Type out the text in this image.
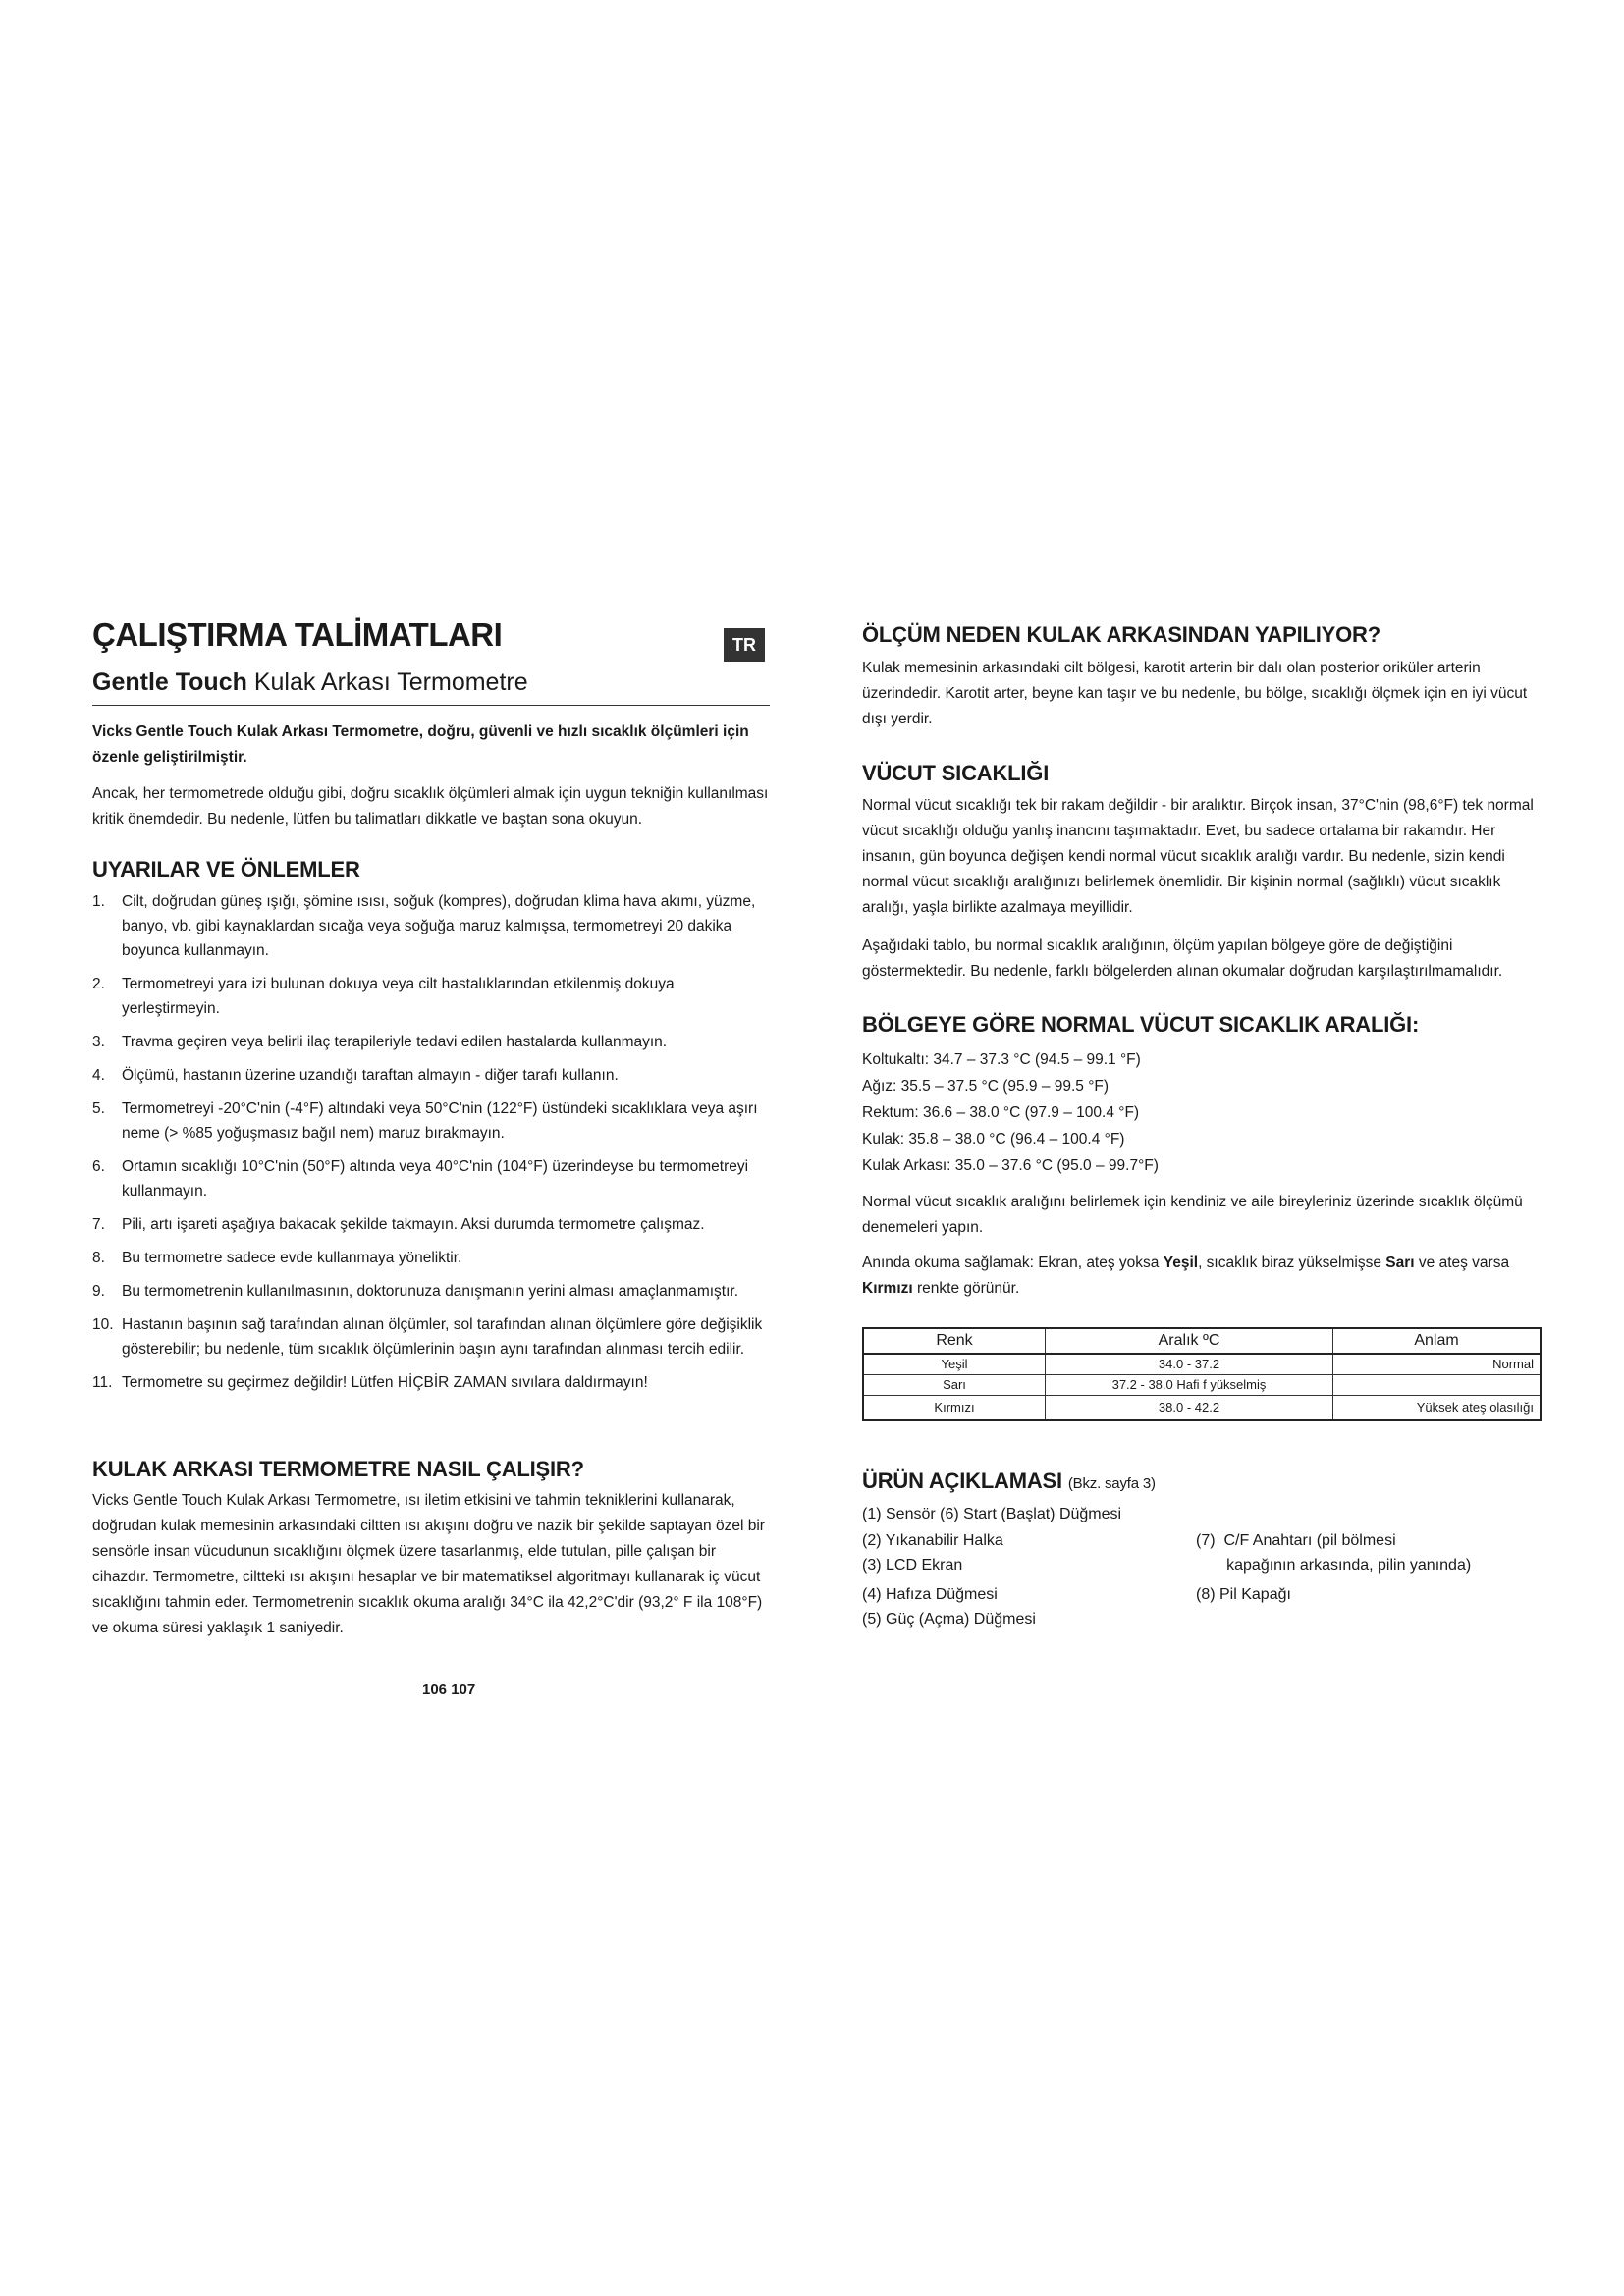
ÇALIŞTIRMA TALİMATLARI	TR
Gentle Touch Kulak Arkası Termometre

Vicks Gentle Touch Kulak Arkası Termometre, doğru, güvenli ve hızlı sıcaklık ölçümleri için özenle geliştirilmiştir.

Ancak, her termometrede olduğu gibi, doğru sıcaklık ölçümleri almak için uygun tekniğin kullanılması kritik önemdedir. Bu nedenle, lütfen bu talimatları dikkatle ve baştan sona okuyun.

UYARILAR VE ÖNLEMLER
1. Cilt, doğrudan güneş ışığı, şömine ısısı, soğuk (kompres), doğrudan klima hava akımı, yüzme, banyo, vb. gibi kaynaklardan sıcağa veya soğuğa maruz kalmışsa, termometreyi 20 dakika boyunca kullanmayın.
2. Termometreyi yara izi bulunan dokuya veya cilt hastalıklarından etkilenmiş dokuya yerleştirmeyin.
3. Travma geçiren veya belirli ilaç terapileriyle tedavi edilen hastalarda kullanmayın.
4. Ölçümü, hastanın üzerine uzandığı taraftan almayın - diğer tarafı kullanın.
5. Termometreyi -20°C'nin (-4°F) altındaki veya 50°C'nin (122°F) üstündeki sıcaklıklara veya aşırı neme (> %85 yoğuşmasız bağıl nem) maruz bırakmayın.
6. Ortamın sıcaklığı 10°C'nin (50°F) altında veya 40°C'nin (104°F) üzerindeyse bu termometreyi kullanmayın.
7. Pili, artı işareti aşağıya bakacak şekilde takmayın. Aksi durumda termometre çalışmaz.
8. Bu termometre sadece evde kullanmaya yöneliktir.
9. Bu termometrenin kullanılmasının, doktorunuza danışmanın yerini alması amaçlanmamıştır.
10. Hastanın başının sağ tarafından alınan ölçümler, sol tarafından alınan ölçümlere göre değişiklik gösterebilir; bu nedenle, tüm sıcaklık ölçümlerinin başın aynı tarafından alınması tercih edilir.
11. Termometre su geçirmez değildir! Lütfen HİÇBİR ZAMAN sıvılara daldırmayın!
KULAK ARKASI TERMOMETRE NASIL ÇALIŞIR?

Vicks Gentle Touch Kulak Arkası Termometre, ısı iletim etkisini ve tahmin tekniklerini kullanarak, doğrudan kulak memesinin arkasındaki ciltten ısı akışını doğru ve nazik bir şekilde saptayan özel bir sensörle insan vücudunun sıcaklığını ölçmek üzere tasarlanmış, elde tutulan, pille çalışan bir cihazdır. Termometre, ciltteki ısı akışını hesaplar ve bir matematiksel algoritmayı kullanarak iç vücut sıcaklığını tahmin eder. Termometrenin sıcaklık okuma aralığı 34°C ila 42,2°C'dir (93,2° F ila 108°F) ve okuma süresi yaklaşık 1 saniyedir.

106 107
ÖLÇÜM NEDEN KULAK ARKASINDAN YAPILIYOR?

Kulak memesinin arkasındaki cilt bölgesi, karotit arterin bir dalı olan posterior oriküler arterin üzerindedir. Karotit arter, beyne kan taşır ve bu nedenle, bu bölge, sıcaklığı ölçmek için en iyi vücut dışı yerdir.

VÜCUT SICAKLIĞI

Normal vücut sıcaklığı tek bir rakam değildir - bir aralıktır. Birçok insan, 37°C'nin (98,6°F) tek normal vücut sıcaklığı olduğu yanlış inancını taşımaktadır. Evet, bu sadece ortalama bir rakamdır. Her insanın, gün boyunca değişen kendi normal vücut sıcaklık aralığı vardır. Bu nedenle, sizin kendi normal vücut sıcaklığı aralığınızı belirlemek önemlidir. Bir kişinin normal (sağlıklı) vücut sıcaklık aralığı, yaşla birlikte azalmaya meyillidir.

Aşağıdaki tablo, bu normal sıcaklık aralığının, ölçüm yapılan bölgeye göre de değiştiğini göstermektedir. Bu nedenle, farklı bölgelerden alınan okumalar doğrudan karşılaştırılmamalıdır.

BÖLGEYE GÖRE NORMAL VÜCUT SICAKLIK ARALIĞI:
Koltukaltı: 34.7 – 37.3 °C (94.5 – 99.1 °F)
Ağız: 35.5 – 37.5 °C (95.9 – 99.5 °F)
Rektum: 36.6 – 38.0 °C (97.9 – 100.4 °F)
Kulak: 35.8 – 38.0 °C (96.4 – 100.4 °F)
Kulak Arkası: 35.0 – 37.6 °C (95.0 – 99.7°F)

Normal vücut sıcaklık aralığını belirlemek için kendiniz ve aile bireyleriniz üzerinde sıcaklık ölçümü denemeleri yapın.

Anında okuma sağlamak: Ekran, ateş yoksa Yeşil, sıcaklık biraz yükselmişse Sarı ve ateş varsa Kırmızı renkte görünür.

Renk	Aralık ºC	Anlam
Yeşil	34.0 - 37.2	Normal
Sarı	37.2 - 38.0 Hafi f yükselmiş	
Kırmızı	38.0 - 42.2	Yüksek ateş olasılığı
ÜRÜN AÇIKLAMASI (Bkz. sayfa 3)
(1) Sensör (6) Start (Başlat) Düğmesi
(2) Yıkanabilir Halka
(3) LCD Ekran
(4) Hafıza Düğmesi
(5) Güç (Açma) Düğmesi
(7)  C/F Anahtarı (pil bölmesi
kapağının arkasında, pilin yanında)
(8) Pil Kapağı
